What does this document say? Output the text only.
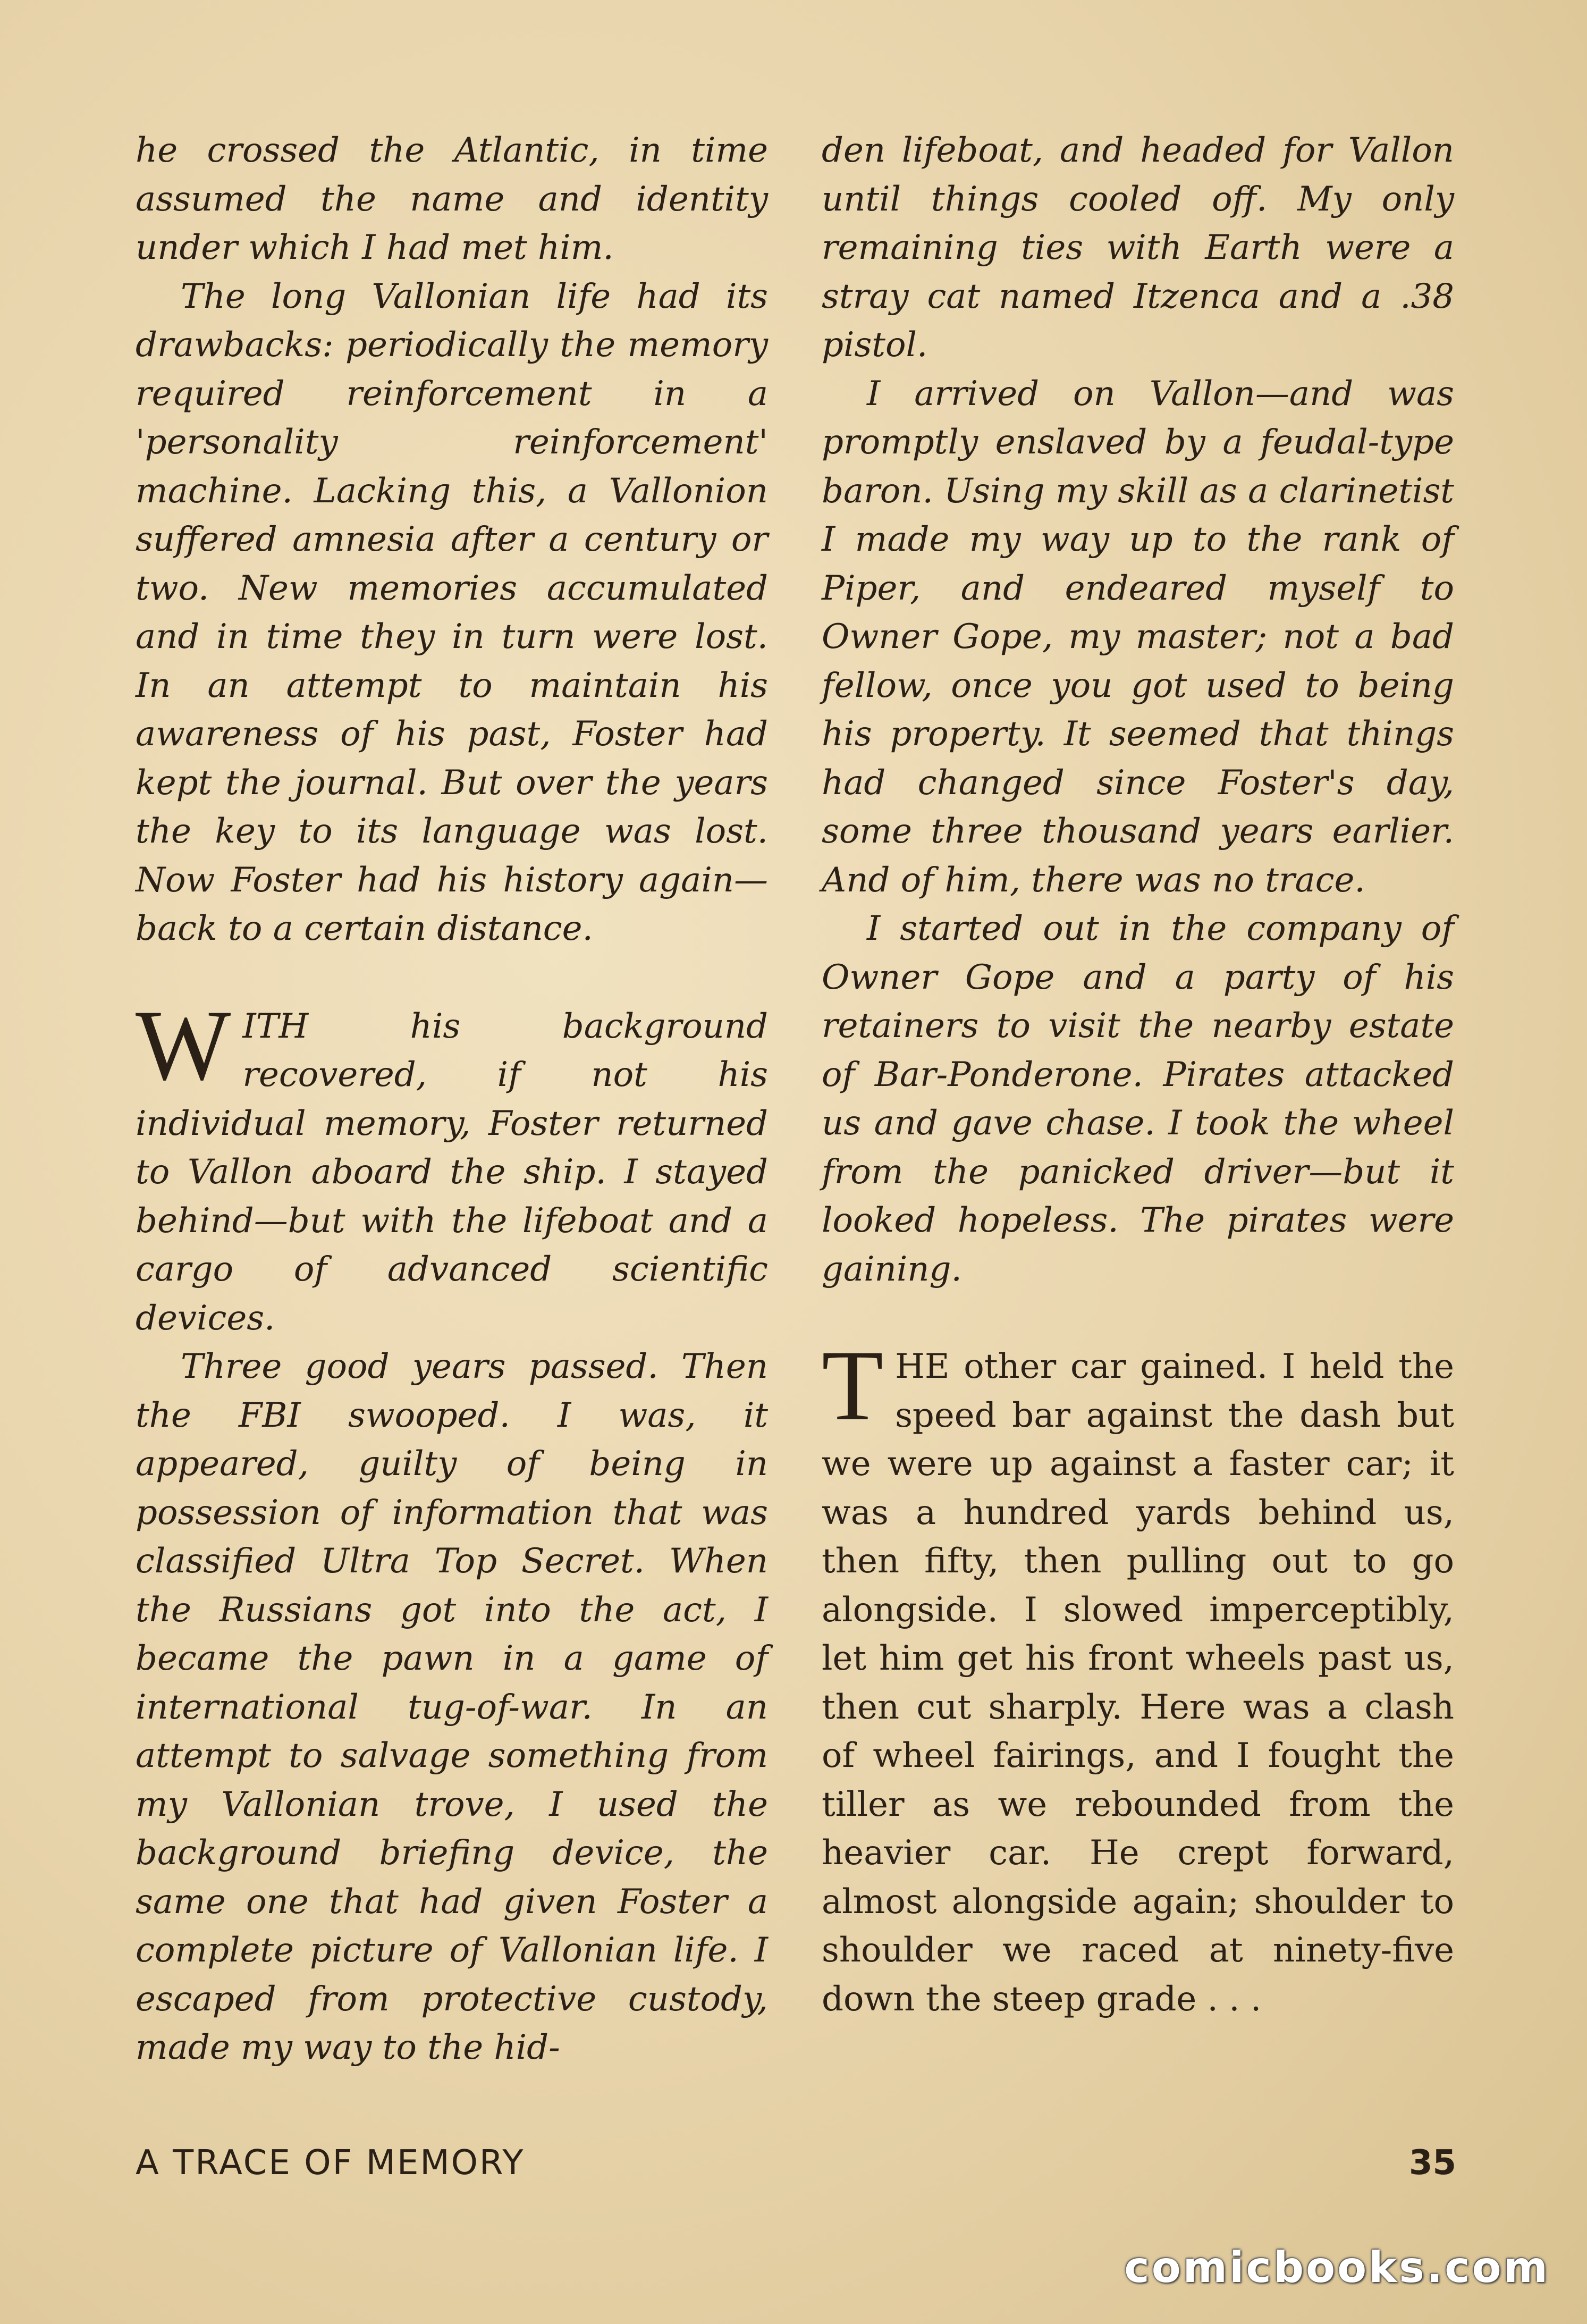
he crossed the Atlantic, in time assumed the name and identity under which I had met him.

The long Vallonian life had its drawbacks: periodically the memory required reinforcement in a 'personality reinforcement' machine. Lacking this, a Vallonion suffered amnesia after a century or two. New memories accumulated and in time they in turn were lost. In an attempt to maintain his awareness of his past, Foster had kept the journal. But over the years the key to its language was lost. Now Foster had his history again—back to a certain distance.

WITH his background recovered, if not his individual memory, Foster returned to Vallon aboard the ship. I stayed behind—but with the lifeboat and a cargo of advanced scientific devices.

Three good years passed. Then the FBI swooped. I was, it appeared, guilty of being in possession of information that was classified Ultra Top Secret. When the Russians got into the act, I became the pawn in a game of international tug-of-war. In an attempt to salvage something from my Vallonian trove, I used the background briefing device, the same one that had given Foster a complete picture of Vallonian life. I escaped from protective custody, made my way to the hid-

den lifeboat, and headed for Vallon until things cooled off. My only remaining ties with Earth were a stray cat named Itzenca and a .38 pistol.

I arrived on Vallon—and was promptly enslaved by a feudal-type baron. Using my skill as a clarinetist I made my way up to the rank of Piper, and endeared myself to Owner Gope, my master; not a bad fellow, once you got used to being his property. It seemed that things had changed since Foster's day, some three thousand years earlier. And of him, there was no trace.

I started out in the company of Owner Gope and a party of his retainers to visit the nearby estate of Bar-Ponderone. Pirates attacked us and gave chase. I took the wheel from the panicked driver—but it looked hopeless. The pirates were gaining.

THE other car gained. I held the speed bar against the dash but we were up against a faster car; it was a hundred yards behind us, then fifty, then pulling out to go alongside. I slowed imperceptibly, let him get his front wheels past us, then cut sharply. Here was a clash of wheel fairings, and I fought the tiller as we rebounded from the heavier car. He crept forward, almost alongside again; shoulder to shoulder we raced at ninety-five down the steep grade . . .

A TRACE OF MEMORY	35
comicbooks.com
